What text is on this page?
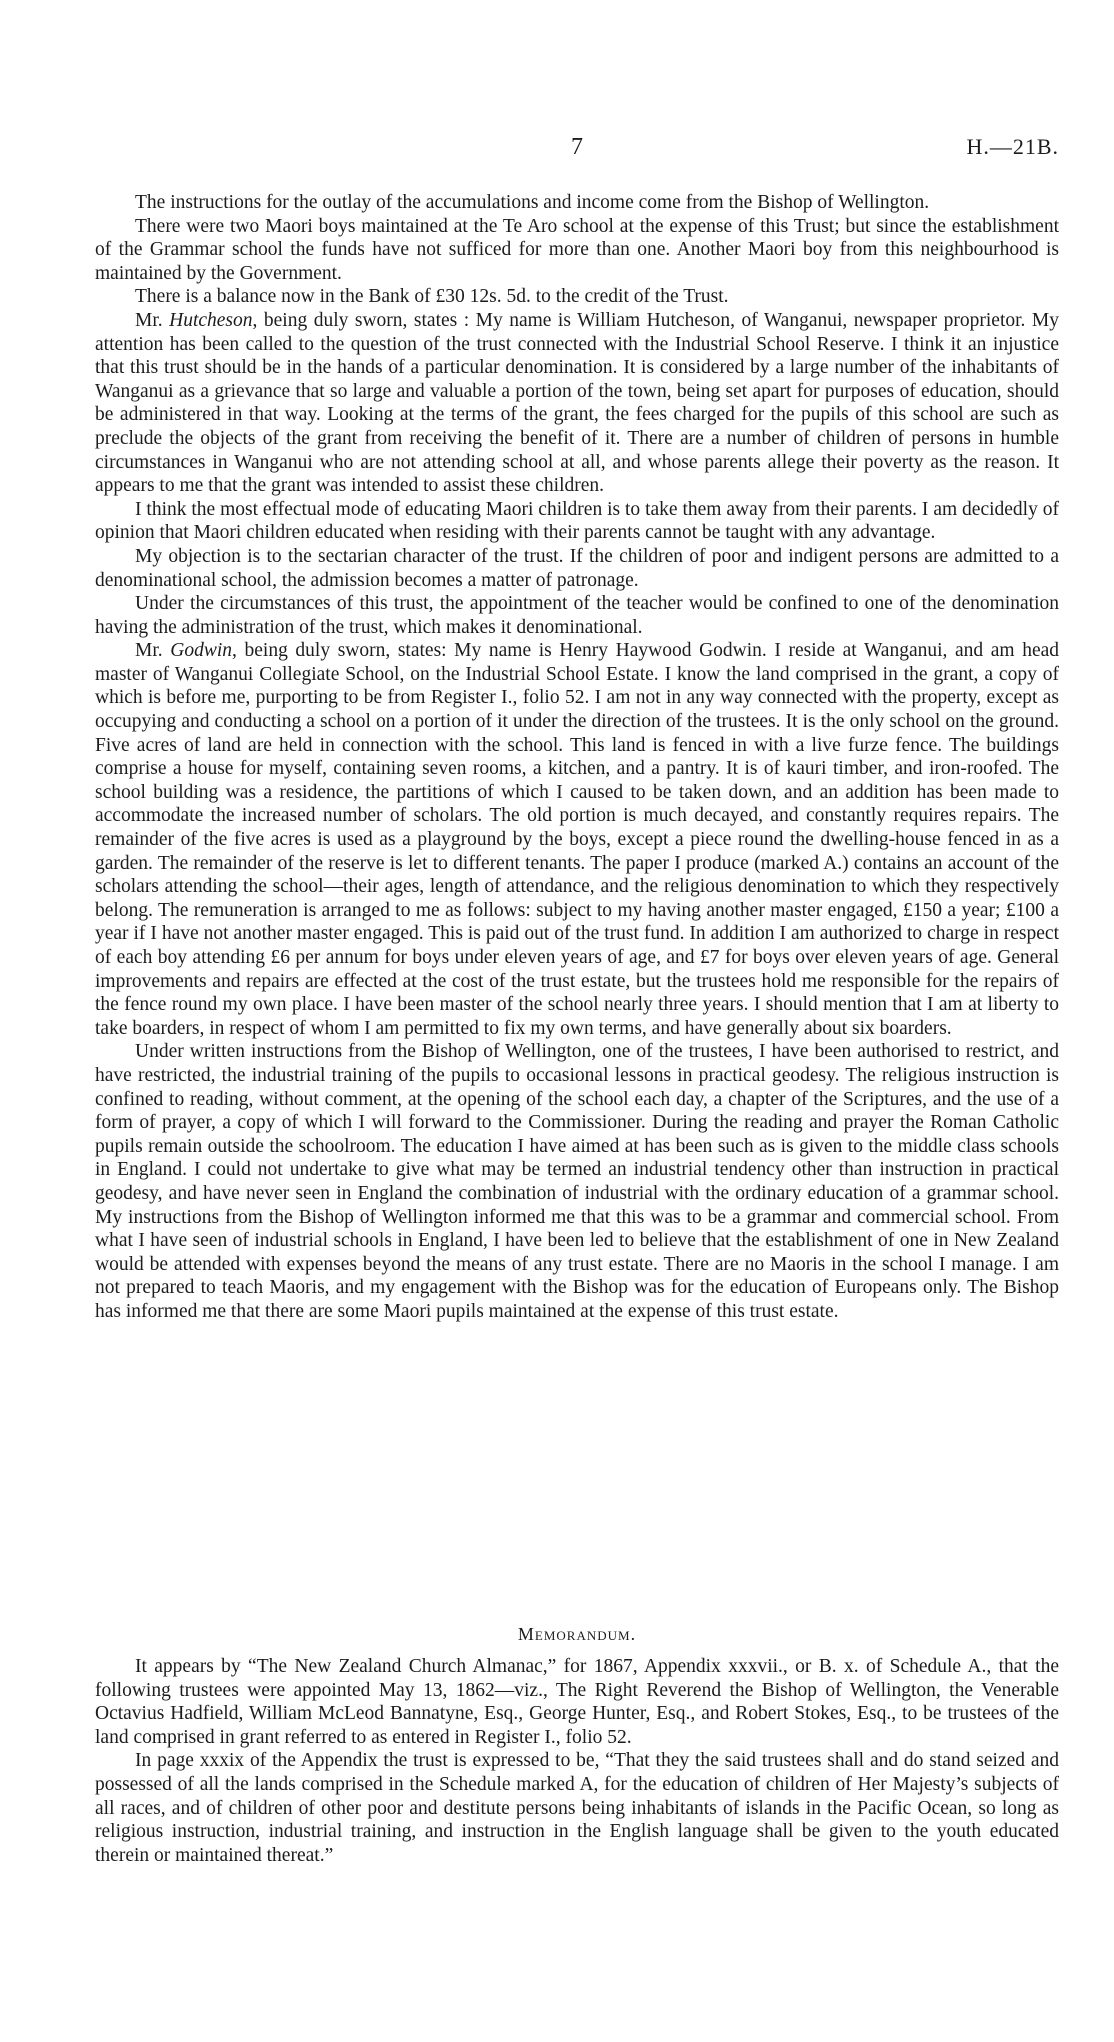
7	H.—21B.

The instructions for the outlay of the accumulations and income come from the Bishop of Wellington.

There were two Maori boys maintained at the Te Aro school at the expense of this Trust; but since the establishment of the Grammar school the funds have not sufficed for more than one. Another Maori boy from this neighbourhood is maintained by the Government.

There is a balance now in the Bank of £30 12s. 5d. to the credit of the Trust.

Mr. Hutcheson, being duly sworn, states : My name is William Hutcheson, of Wanganui, newspaper proprietor. My attention has been called to the question of the trust connected with the Industrial School Reserve. I think it an injustice that this trust should be in the hands of a particular denomination. It is considered by a large number of the inhabitants of Wanganui as a grievance that so large and valuable a portion of the town, being set apart for purposes of education, should be administered in that way. Looking at the terms of the grant, the fees charged for the pupils of this school are such as preclude the objects of the grant from receiving the benefit of it. There are a number of children of persons in humble circumstances in Wanganui who are not attending school at all, and whose parents allege their poverty as the reason. It appears to me that the grant was intended to assist these children.

I think the most effectual mode of educating Maori children is to take them away from their parents. I am decidedly of opinion that Maori children educated when residing with their parents cannot be taught with any advantage.

My objection is to the sectarian character of the trust. If the children of poor and indigent persons are admitted to a denominational school, the admission becomes a matter of patronage.

Under the circumstances of this trust, the appointment of the teacher would be confined to one of the denomination having the administration of the trust, which makes it denominational.

Mr. Godwin, being duly sworn, states: My name is Henry Haywood Godwin. I reside at Wanganui, and am head master of Wanganui Collegiate School, on the Industrial School Estate. I know the land comprised in the grant, a copy of which is before me, purporting to be from Register I., folio 52. I am not in any way connected with the property, except as occupying and conducting a school on a portion of it under the direction of the trustees. It is the only school on the ground. Five acres of land are held in connection with the school. This land is fenced in with a live furze fence. The buildings comprise a house for myself, containing seven rooms, a kitchen, and a pantry. It is of kauri timber, and iron-roofed. The school building was a residence, the partitions of which I caused to be taken down, and an addition has been made to accommodate the increased number of scholars. The old portion is much decayed, and constantly requires repairs. The remainder of the five acres is used as a playground by the boys, except a piece round the dwelling-house fenced in as a garden. The remainder of the reserve is let to different tenants. The paper I produce (marked A.) contains an account of the scholars attending the school—their ages, length of attendance, and the religious denomination to which they respectively belong. The remuneration is arranged to me as follows: subject to my having another master engaged, £150 a year; £100 a year if I have not another master engaged. This is paid out of the trust fund. In addition I am authorized to charge in respect of each boy attending £6 per annum for boys under eleven years of age, and £7 for boys over eleven years of age. General improvements and repairs are effected at the cost of the trust estate, but the trustees hold me responsible for the repairs of the fence round my own place. I have been master of the school nearly three years. I should mention that I am at liberty to take boarders, in respect of whom I am permitted to fix my own terms, and have generally about six boarders.

Under written instructions from the Bishop of Wellington, one of the trustees, I have been authorised to restrict, and have restricted, the industrial training of the pupils to occasional lessons in practical geodesy. The religious instruction is confined to reading, without comment, at the opening of the school each day, a chapter of the Scriptures, and the use of a form of prayer, a copy of which I will forward to the Commissioner. During the reading and prayer the Roman Catholic pupils remain outside the schoolroom. The education I have aimed at has been such as is given to the middle class schools in England. I could not undertake to give what may be termed an industrial tendency other than instruction in practical geodesy, and have never seen in England the combination of industrial with the ordinary education of a grammar school. My instructions from the Bishop of Wellington informed me that this was to be a grammar and commercial school. From what I have seen of industrial schools in England, I have been led to believe that the establishment of one in New Zealand would be attended with expenses beyond the means of any trust estate. There are no Maoris in the school I manage. I am not prepared to teach Maoris, and my engagement with the Bishop was for the education of Europeans only. The Bishop has informed me that there are some Maori pupils maintained at the expense of this trust estate.

Memorandum.

It appears by “The New Zealand Church Almanac,” for 1867, Appendix xxxvii., or B. x. of Schedule A., that the following trustees were appointed May 13, 1862—viz., The Right Reverend the Bishop of Wellington, the Venerable Octavius Hadfield, William McLeod Bannatyne, Esq., George Hunter, Esq., and Robert Stokes, Esq., to be trustees of the land comprised in grant referred to as entered in Register I., folio 52.

In page xxxix of the Appendix the trust is expressed to be, “That they the said trustees shall and do stand seized and possessed of all the lands comprised in the Schedule marked A, for the education of children of Her Majesty’s subjects of all races, and of children of other poor and destitute persons being inhabitants of islands in the Pacific Ocean, so long as religious instruction, industrial training, and instruction in the English language shall be given to the youth educated therein or maintained thereat.”
